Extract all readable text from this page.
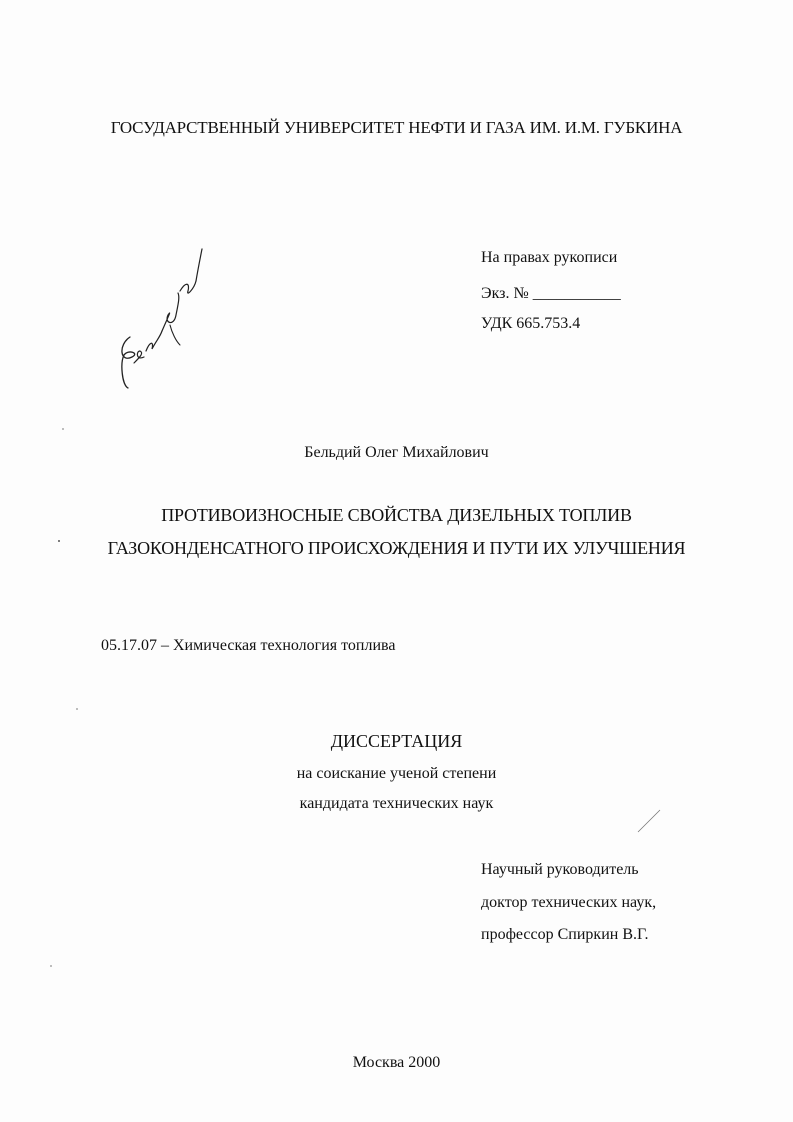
ГОСУДАРСТВЕННЫЙ УНИВЕРСИТЕТ НЕФТИ И ГАЗА ИМ. И.М. ГУБКИНА
На правах рукописи
Экз. № ___________
УДК 665.753.4
Бельдий Олег Михайлович
ПРОТИВОИЗНОСНЫЕ СВОЙСТВА ДИЗЕЛЬНЫХ ТОПЛИВ
ГАЗОКОНДЕНСАТНОГО ПРОИСХОЖДЕНИЯ И ПУТИ ИХ УЛУЧШЕНИЯ
05.17.07 – Химическая технология топлива
ДИССЕРТАЦИЯ
на соискание ученой степени
кандидата технических наук
Научный руководитель
доктор технических наук,
профессор Спиркин В.Г.
Москва 2000
